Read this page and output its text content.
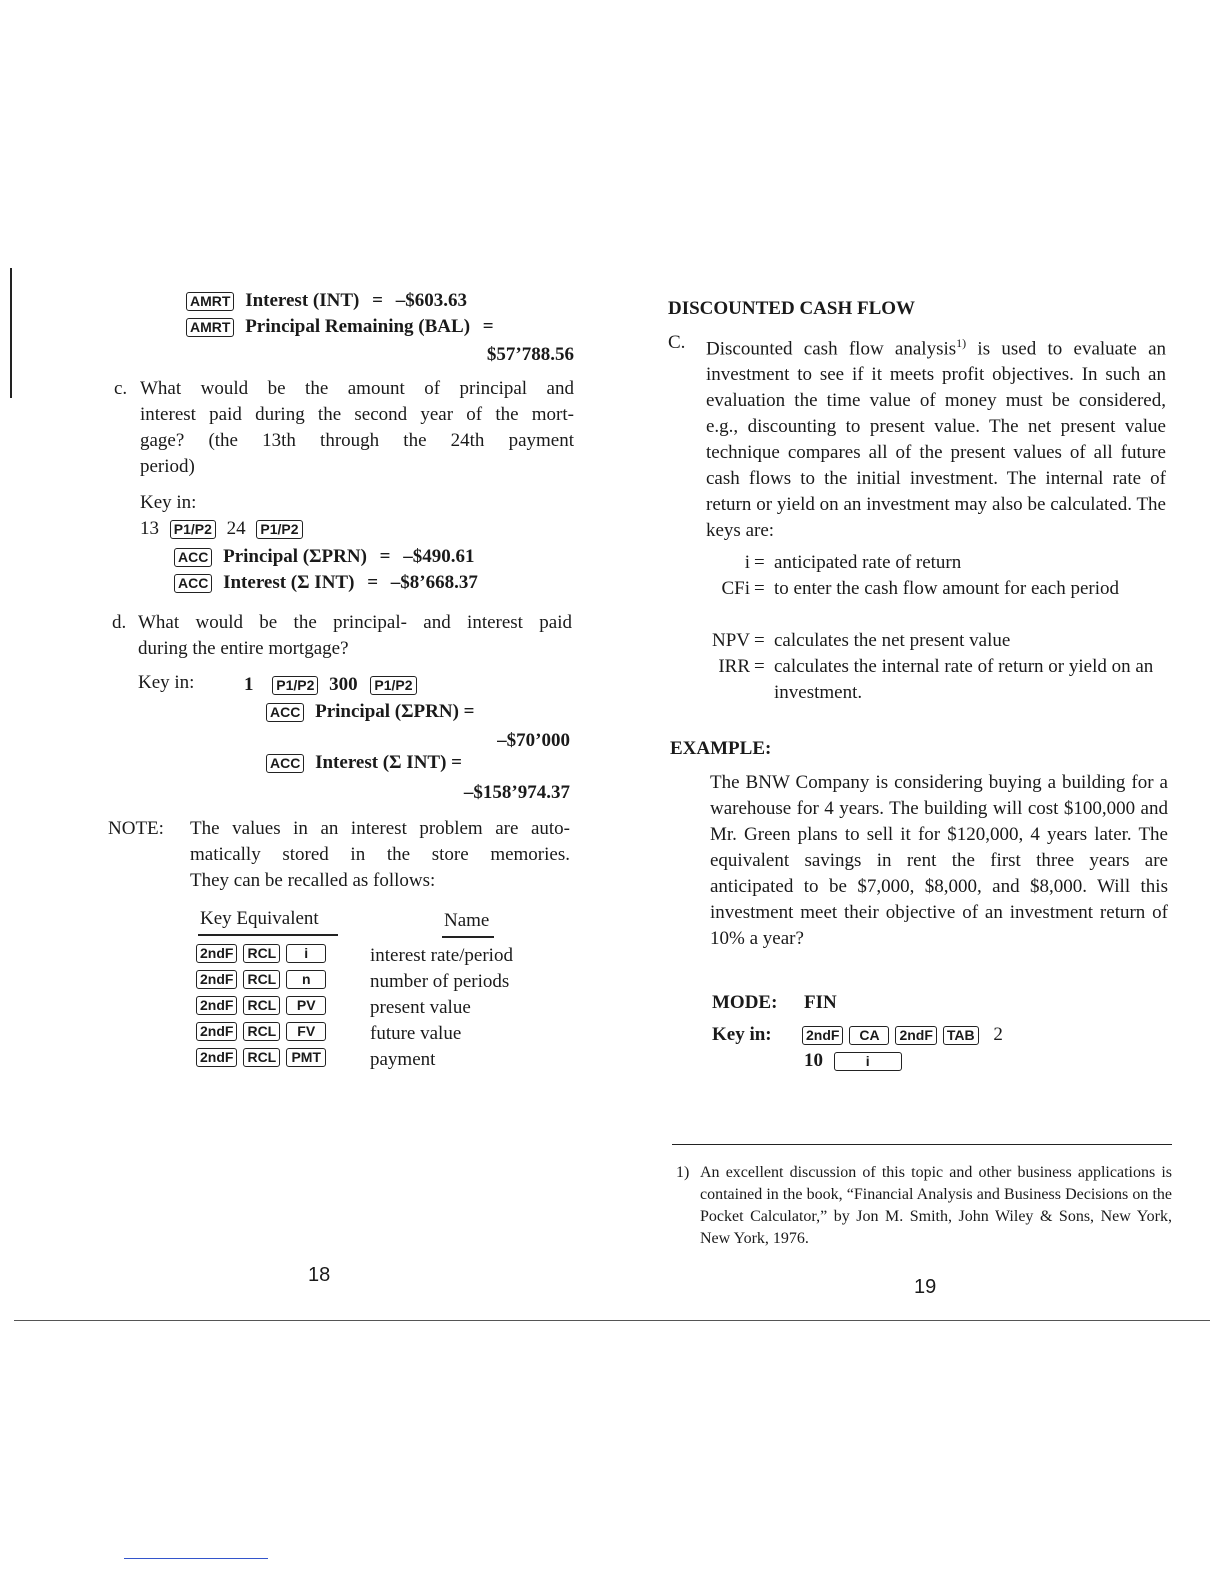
AMRT Interest (INT) = –$603.63
AMRT Principal Remaining (BAL) =
$57’788.56
c. What would be the amount of principal and
interest paid during the second year of the mort-
gage? (the 13th through the 24th payment
period)
Key in:
13 P1/P2 24 P1/P2
ACC Principal (ΣPRN) = –$490.61
ACC Interest (Σ INT) = –$8’668.37
d. What would be the principal- and interest paid
during the entire mortgage?
Key in:	1 P1/P2 300 P1/P2
ACC Principal (ΣPRN) =
–$70’000
ACC Interest (Σ INT) =
–$158’974.37
NOTE: The values in an interest problem are auto-
matically stored in the store memories.
They can be recalled as follows:
Key Equivalent	Name
2ndF RCL i	interest rate/period
2ndF RCL n	number of periods
2ndF RCL PV	present value
2ndF RCL FV	future value
2ndF RCL PMT	payment
18
DISCOUNTED CASH FLOW
C. Discounted cash flow analysis$^{1)}$ is used to evaluate an investment to see if it meets profit objectives. In such an evaluation the time value of money must be considered, e.g., discounting to present value. The net present value technique compares all of the present values of all future cash flows to the initial investment. The internal rate of return or yield on an investment may also be calculated. The keys are:
i = anticipated rate of return
CFi = to enter the cash flow amount for each period
NPV = calculates the net present value
IRR = calculates the internal rate of return or yield on an investment.
EXAMPLE:
The BNW Company is considering buying a building for a warehouse for 4 years. The building will cost $100,000 and Mr. Green plans to sell it for $120,000, 4 years later. The equivalent savings in rent the first three years are anticipated to be $7,000, $8,000, and $8,000. Will this investment meet their objective of an investment return of 10% a year?
MODE: FIN
Key in: 2ndF CA 2ndF TAB 2
10	i
1) An excellent discussion of this topic and other business applications is contained in the book, “Financial Analysis and Business Decisions on the Pocket Calculator,” by Jon M. Smith, John Wiley & Sons, New York, New York, 1976.
19
